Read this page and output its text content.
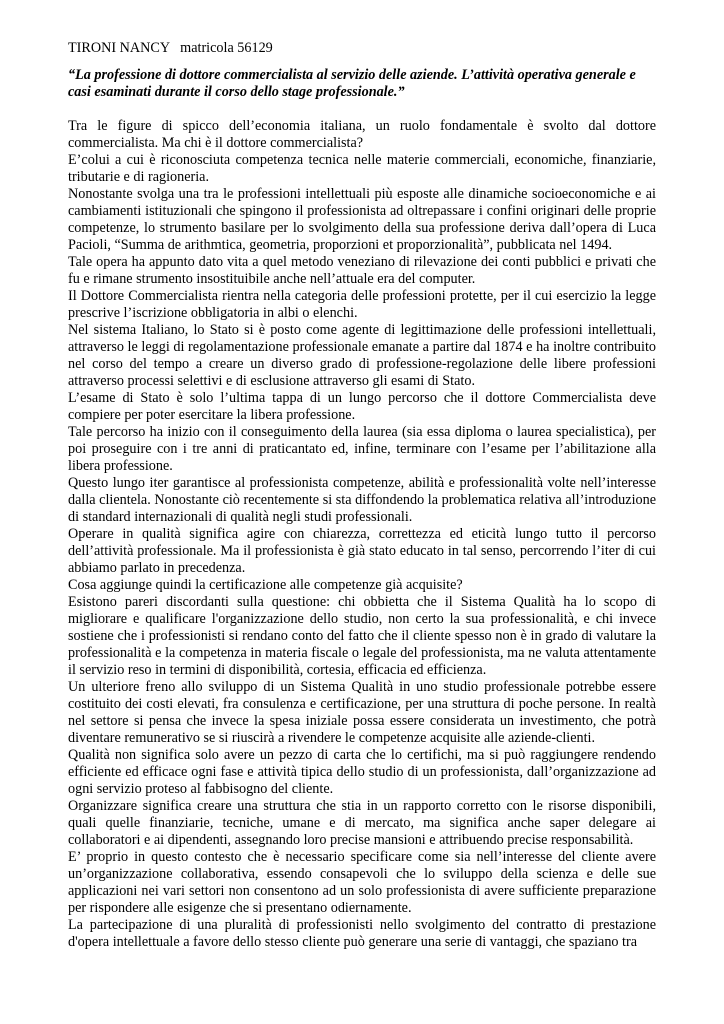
TIRONI NANCY   matricola 56129

“La professione di dottore commercialista al servizio delle aziende. L’attività operativa generale e casi esaminati durante il corso dello stage professionale.”

Tra le figure di spicco dell’economia italiana, un ruolo fondamentale è svolto dal dottore commercialista. Ma chi è il dottore commercialista?

E’colui a cui è riconosciuta competenza tecnica nelle materie commerciali, economiche, finanziarie, tributarie e di ragioneria.

Nonostante svolga una tra le professioni intellettuali più esposte alle dinamiche socioeconomiche e ai cambiamenti istituzionali che spingono il professionista ad oltrepassare i confini originari delle proprie competenze, lo strumento basilare per lo svolgimento della sua professione deriva dall’opera di Luca Pacioli, “Summa de arithmtica, geometria, proporzioni et proporzionalità”, pubblicata nel 1494.

Tale opera ha appunto dato vita a quel metodo veneziano di rilevazione dei conti pubblici e privati che fu e rimane strumento insostituibile anche nell’attuale era del computer.

Il Dottore Commercialista rientra nella categoria delle professioni protette, per il cui esercizio la legge prescrive l’iscrizione obbligatoria in albi o elenchi.

Nel sistema Italiano, lo Stato si è posto come agente di legittimazione delle professioni intellettuali, attraverso le leggi di regolamentazione professionale emanate a partire dal 1874 e ha inoltre contribuito nel corso del tempo a creare un diverso grado di professione-regolazione delle libere professioni attraverso processi selettivi e di esclusione attraverso gli esami di Stato.

L’esame di Stato è solo l’ultima tappa di un lungo percorso che il dottore Commercialista deve compiere per poter esercitare la libera professione.

Tale percorso ha inizio con il conseguimento della laurea (sia essa diploma o laurea specialistica), per poi proseguire con i tre anni di praticantato ed, infine, terminare con l’esame per l’abilitazione alla libera professione.

Questo lungo iter garantisce al professionista competenze, abilità e professionalità volte nell’interesse dalla clientela. Nonostante ciò recentemente si sta diffondendo la problematica relativa all’introduzione di standard internazionali di qualità negli studi professionali.

Operare in qualità significa agire con chiarezza, correttezza ed eticità lungo tutto il percorso dell’attività professionale. Ma il professionista è già stato educato in tal senso, percorrendo l’iter di cui abbiamo parlato in precedenza.

Cosa aggiunge quindi la certificazione alle competenze già acquisite?

Esistono pareri discordanti sulla questione: chi obbietta che il Sistema Qualità ha lo scopo di migliorare e qualificare l'organizzazione dello studio, non certo la sua professionalità, e chi invece sostiene che i professionisti si rendano conto del fatto che il cliente spesso non è in grado di valutare la professionalità e la competenza in materia fiscale o legale del professionista, ma ne valuta attentamente il servizio reso in termini di disponibilità, cortesia, efficacia ed efficienza.

Un ulteriore freno allo sviluppo di un Sistema Qualità in uno studio professionale potrebbe essere costituito dei costi elevati, fra consulenza e certificazione, per una struttura di poche persone. In realtà nel settore si pensa che invece la spesa iniziale possa essere considerata un investimento, che potrà diventare remunerativo se si riuscirà a rivendere le competenze acquisite alle aziende-clienti.

Qualità non significa solo avere un pezzo di carta che lo certifichi, ma si può raggiungere rendendo efficiente ed efficace ogni fase e attività tipica dello studio di un professionista, dall’organizzazione ad ogni servizio proteso al fabbisogno del cliente.

Organizzare significa creare una struttura che stia in un rapporto corretto con le risorse disponibili, quali quelle finanziarie, tecniche, umane e di mercato, ma significa anche saper delegare ai collaboratori e ai dipendenti, assegnando loro precise mansioni e attribuendo precise responsabilità.

E’ proprio in questo contesto che è necessario specificare come sia nell’interesse del cliente avere un’organizzazione collaborativa, essendo consapevoli che lo sviluppo della scienza e delle sue applicazioni nei vari settori non consentono ad un solo professionista di avere sufficiente preparazione per rispondere alle esigenze che si presentano odiernamente.

La partecipazione di una pluralità di professionisti nello svolgimento del contratto di prestazione d'opera intellettuale a favore dello stesso cliente può generare una serie di vantaggi, che spaziano tra
